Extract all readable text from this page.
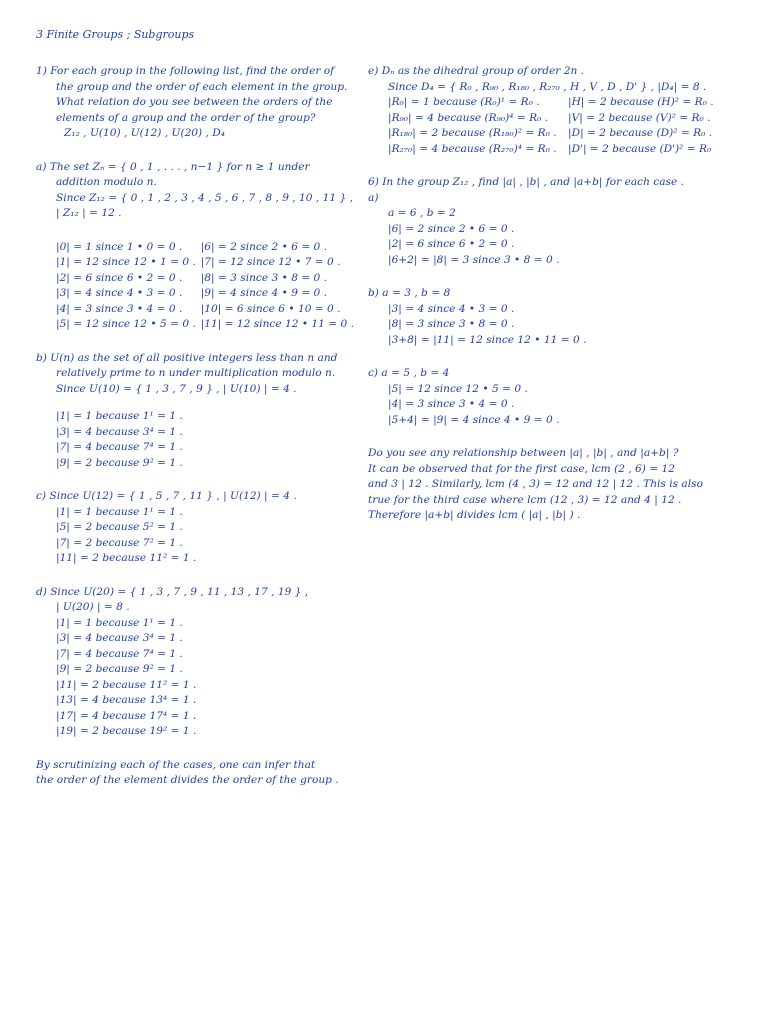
3 Finite Groups ; Subgroups
1) For each group in the following list, find the order of
the group and the order of each element in the group.
What relation do you see between the orders of the
elements of a group and the order of the group?
Z₁₂ , U(10) , U(12) , U(20) , D₄
a) The set Zₙ = { 0 , 1 , . . . , n−1 } for n ≥ 1 under
addition modulo n.
Since Z₁₂ = { 0 , 1 , 2 , 3 , 4 , 5 , 6 , 7 , 8 , 9 , 10 , 11 } ,
| Z₁₂ | = 12 .
|0| = 1 since 1 • 0 = 0 .
|1| = 12 since 12 • 1 = 0 .
|2| = 6 since 6 • 2 = 0 .
|3| = 4 since 4 • 3 = 0 .
|4| = 3 since 3 • 4 = 0 .
|5| = 12 since 12 • 5 = 0 .
|6| = 2 since 2 • 6 = 0 .
|7| = 12 since 12 • 7 = 0 .
|8| = 3 since 3 • 8 = 0 .
|9| = 4 since 4 • 9 = 0 .
|10| = 6 since 6 • 10 = 0 .
|11| = 12 since 12 • 11 = 0 .
b) U(n) as the set of all positive integers less than n and
relatively prime to n under multiplication modulo n.
Since U(10) = { 1 , 3 , 7 , 9 } , | U(10) | = 4 .
|1| = 1 because 1¹ = 1 .
|3| = 4 because 3⁴ = 1 .
|7| = 4 because 7⁴ = 1 .
|9| = 2 because 9² = 1 .
c) Since U(12) = { 1 , 5 , 7 , 11 } , | U(12) | = 4 .
|1| = 1 because 1¹ = 1 .
|5| = 2 because 5² = 1 .
|7| = 2 because 7² = 1 .
|11| = 2 because 11² = 1 .
d) Since U(20) = { 1 , 3 , 7 , 9 , 11 , 13 , 17 , 19 } ,
| U(20) | = 8 .
|1| = 1 because 1¹ = 1 .
|3| = 4 because 3⁴ = 1 .
|7| = 4 because 7⁴ = 1 .
|9| = 2 because 9² = 1 .
|11| = 2 because 11² = 1 .
|13| = 4 because 13⁴ = 1 .
|17| = 4 because 17⁴ = 1 .
|19| = 2 because 19² = 1 .
By scrutinizing each of the cases, one can infer that
the order of the element divides the order of the group .
e) Dₙ as the dihedral group of order 2n .
Since D₄ = { R₀ , R₉₀ , R₁₈₀ , R₂₇₀ , H , V , D , D' } , |D₄| = 8 .
|R₀| = 1 because (R₀)¹ = R₀ .
|R₉₀| = 4 because (R₉₀)⁴ = R₀ .
|R₁₈₀| = 2 because (R₁₈₀)² = R₀ .
|R₂₇₀| = 4 because (R₂₇₀)⁴ = R₀ .
|H| = 2 because (H)² = R₀ .
|V| = 2 because (V)² = R₀ .
|D| = 2 because (D)² = R₀ .
|D'| = 2 because (D')² = R₀
6) In the group Z₁₂ , find |a| , |b| , and |a+b| for each case .
a)
a = 6 , b = 2
|6| = 2 since 2 • 6 = 0 .
|2| = 6 since 6 • 2 = 0 .
|6+2| = |8| = 3 since 3 • 8 = 0 .
b) a = 3 , b = 8
|3| = 4 since 4 • 3 = 0 .
|8| = 3 since 3 • 8 = 0 .
|3+8| = |11| = 12 since 12 • 11 = 0 .
c) a = 5 , b = 4
|5| = 12 since 12 • 5 = 0 .
|4| = 3 since 3 • 4 = 0 .
|5+4| = |9| = 4 since 4 • 9 = 0 .
Do you see any relationship between |a| , |b| , and |a+b| ?
It can be observed that for the first case, lcm (2 , 6) = 12
and 3 | 12 . Similarly, lcm (4 , 3) = 12 and 12 | 12 . This is also
true for the third case where lcm (12 , 3) = 12 and 4 | 12 .
Therefore |a+b| divides lcm ( |a| , |b| ) .
